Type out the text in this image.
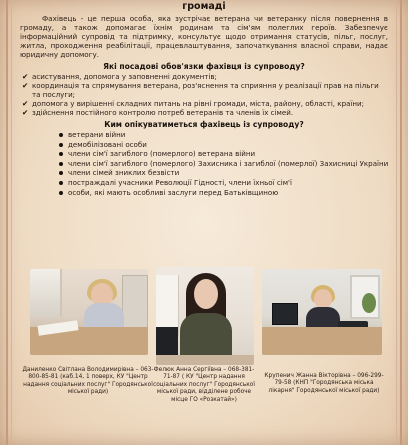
громаді

Фахівець - це перша особа, яка зустрічає ветерана чи ветеранку після повернення в громаду, а також допомагає їхнім родинам та сім'ям полеглих героїв. Забезпечує інформаційний супровід та підтримку, консультує щодо отримання статусів, пільг, послуг, житла, проходження реабілітації, працевлаштування, започаткування власної справи, надає юридичну допомогу.

Які посадові обов'язки фахівця із супроводу?
✔ асистування, допомога у заповненні документів;
✔ координація та спрямування ветерана, роз'яснення та сприяння у реалізації прав на пільги та послуги;
✔ допомога у вирішенні складних питань на рівні громади, міста, району, області, країни;
✔ здійснення постійного контролю потреб ветеранів та членів їх сімей.
Ким опікуватиметься фахівець із супроводу?
ветерани війни
демобілізовані особи
члени сім'ї загиблого (померлого) ветерана війни
члени сім'ї загиблого (померлого) Захисника і загиблої (померлої) Захисниці України
члени сімей зниклих безвісти
постраждалі учасники Революції Гідності, члени їхньої сім'ї
особи, які мають особливі заслуги перед Батьківщиною
Даниленко Світлана Володимирівна – 063-800-85-81 (каб.14, 1 поверх, КУ "Центр надання соціальних послуг" Городянської міської ради)
Фелюк Анна Сергіївна – 068-381-71-87 ( КУ "Центр надання соціальних послуг" Городянської міської ради, відділене робоче місце ГО «Розкатай»)
Крупенич Жанна Вікторівна – 096-299-79-58 (КНП "Городянська міська лікарня" Городянської міської ради)
